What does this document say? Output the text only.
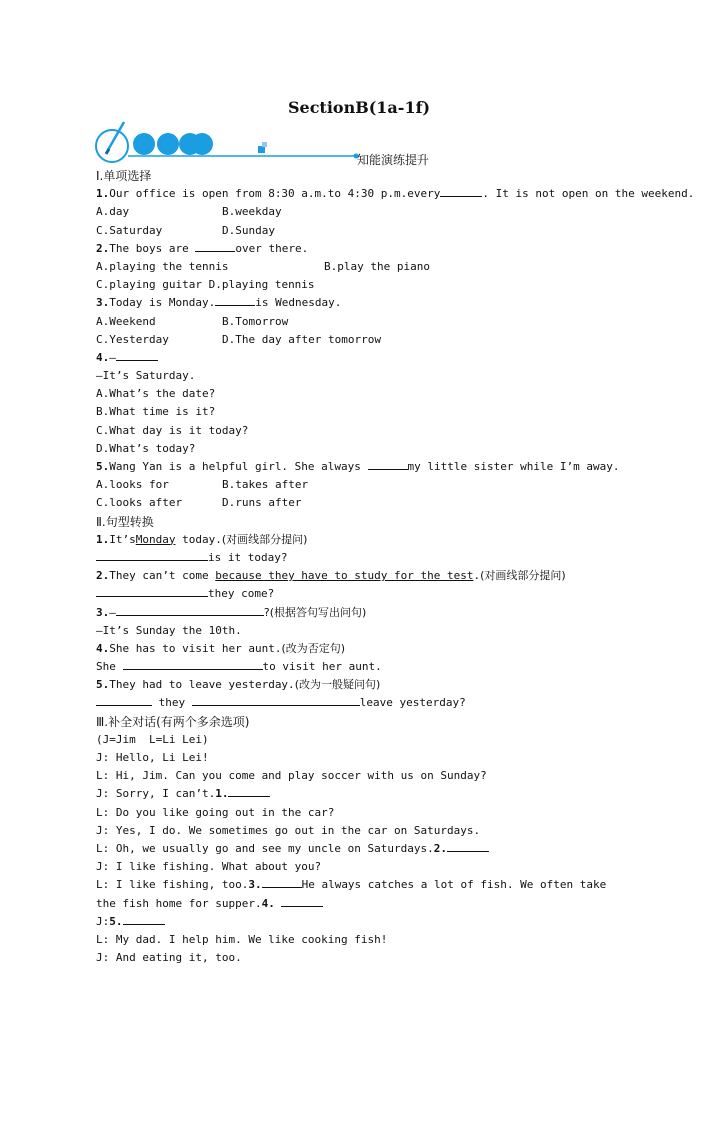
SectionB(1a-1f)
知能演练提升
Ⅰ.单项选择
1.Our office is open from 8:30 a.m.to 4:30 p.m.every	. It is not open on the weekend.
A.day	B.weekday
C.Saturday	D.Sunday
2.The boys are	over there.
A.playing the tennis	B.play the piano
C.playing guitar D.playing tennis
3.Today is Monday.	is Wednesday.
A.Weekend	B.Tomorrow
C.Yesterday	D.The day after tomorrow
4.—
—It’s Saturday.
A.What’s the date?
B.What time is it?
C.What day is it today?
D.What’s today?
5.Wang Yan is a helpful girl. She always	my little sister while I’m away.
A.looks for	B.takes after
C.looks after	D.runs after
Ⅱ.句型转换
1.It’sMonday today.(对画线部分提问)
is it today?
2.They can’t come because they have to study for the test.(对画线部分提问)
they come?
3.—	?(根据答句写出问句)
—It’s Sunday the 10th.
4.She has to visit her aunt.(改为否定句)
She	to visit her aunt.
5.They had to leave yesterday.(改为一般疑问句)
they	leave yesterday?
Ⅲ.补全对话(有两个多余选项)
(J=Jim  L=Li Lei)
J: Hello, Li Lei!
L: Hi, Jim. Can you come and play soccer with us on Sunday?
J: Sorry, I can’t.1.
L: Do you like going out in the car?
J: Yes, I do. We sometimes go out in the car on Saturdays.
L: Oh, we usually go and see my uncle on Saturdays.2.
J: I like fishing. What about you?
L: I like fishing, too.3.	He always catches a lot of fish. We often take the fish home for supper.4.
J:5.
L: My dad. I help him. We like cooking fish!
J: And eating it, too.
